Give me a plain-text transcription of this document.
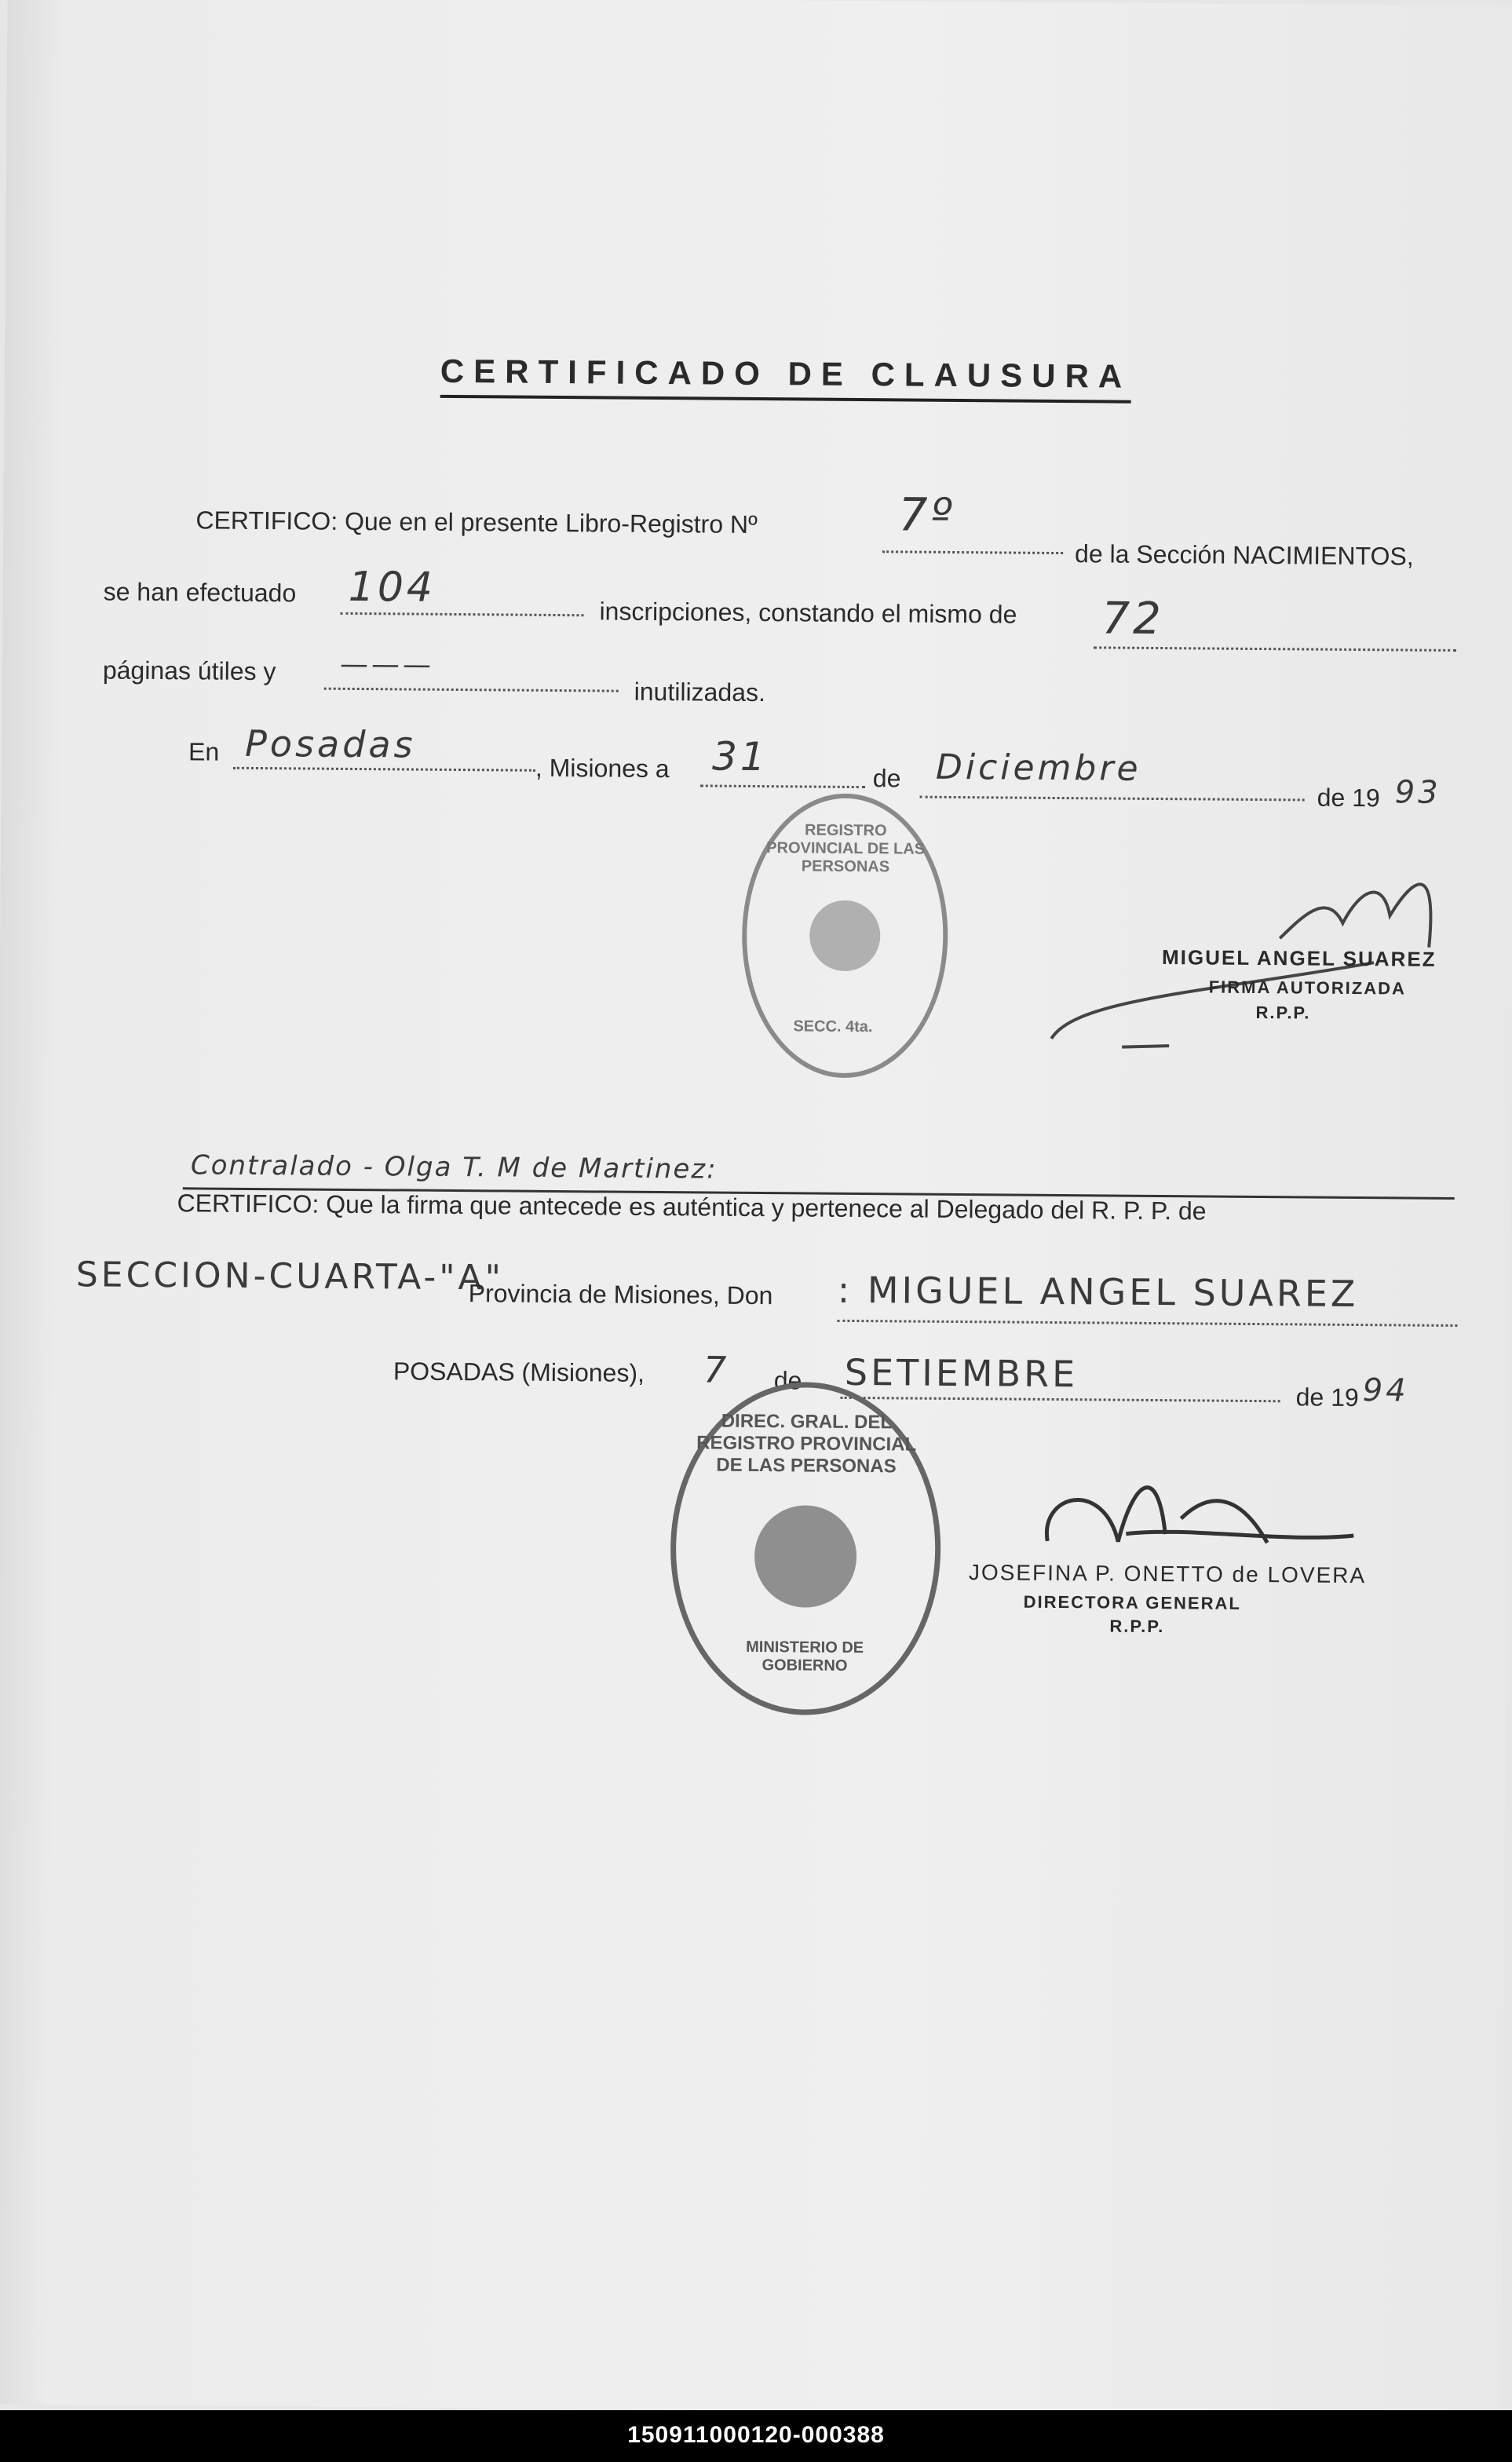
CERTIFICADO DE CLAUSURA
CERTIFICO: Que en el presente Libro-Registro Nº	7º
de la Sección NACIMIENTOS,
se han efectuado 104
inscripciones, constando el mismo de 72
páginas útiles y ———
inutilizadas.
En Posadas
, Misiones a 31	de Diciembre
de 19 93
REGISTRO PROVINCIAL DE LAS PERSONAS
SECC. 4ta.
MIGUEL ANGEL SUAREZ
FIRMA AUTORIZADA
R.P.P.
Contralado - Olga T. M de Martinez:
CERTIFICO: Que la firma que antecede es auténtica y pertenece al Delegado del R. P. P. de
SECCION-CUARTA-"A"
Provincia de Misiones, Don : MIGUEL ANGEL SUAREZ
POSADAS (Misiones), 7 de SETIEMBRE
de 19 94
DIREC. GRAL. DEL REGISTRO PROVINCIAL DE LAS PERSONAS
MINISTERIO DE GOBIERNO
JOSEFINA P. ONETTO de LOVERA
DIRECTORA GENERAL
R.P.P.
150911000120-000388
